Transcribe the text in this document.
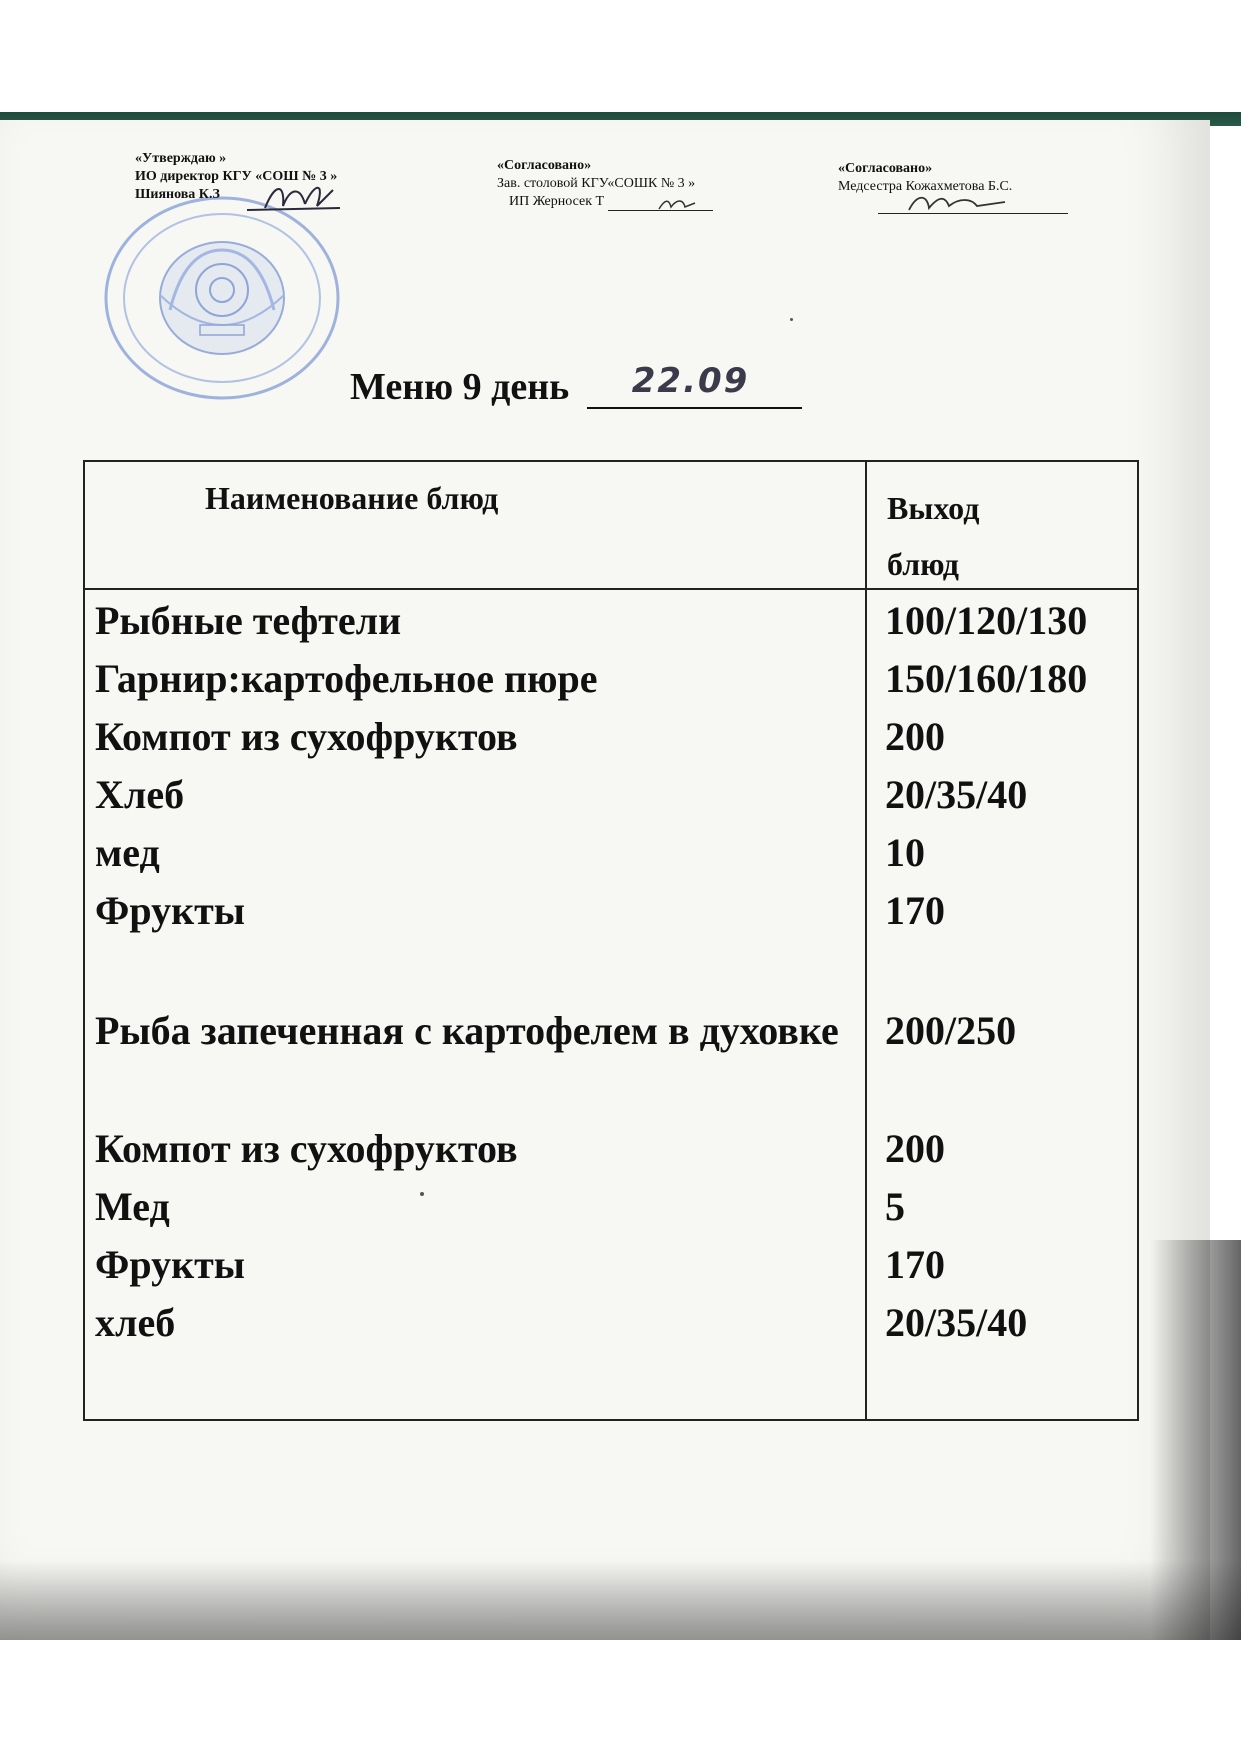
«Утверждаю »
ИО директор КГУ «СОШ № 3 »
Шиянова К.З
«Согласовано»
Зав. столовой КГУ«СОШК № 3 »
ИП Жерносек Т
«Согласовано»
Медсестра Кожахметова Б.С.
Меню 9 день 22.09
Наименование блюд	Выход
блюд
Рыбные тефтели	100/120/130
Гарнир:картофельное пюре	150/160/180
Компот из сухофруктов	200
Хлеб	20/35/40
мед	10
Фрукты	170
Рыба запеченная с картофелем в духовке	200/250
Компот из сухофруктов	200
Мед	5
Фрукты	170
хлеб	20/35/40
